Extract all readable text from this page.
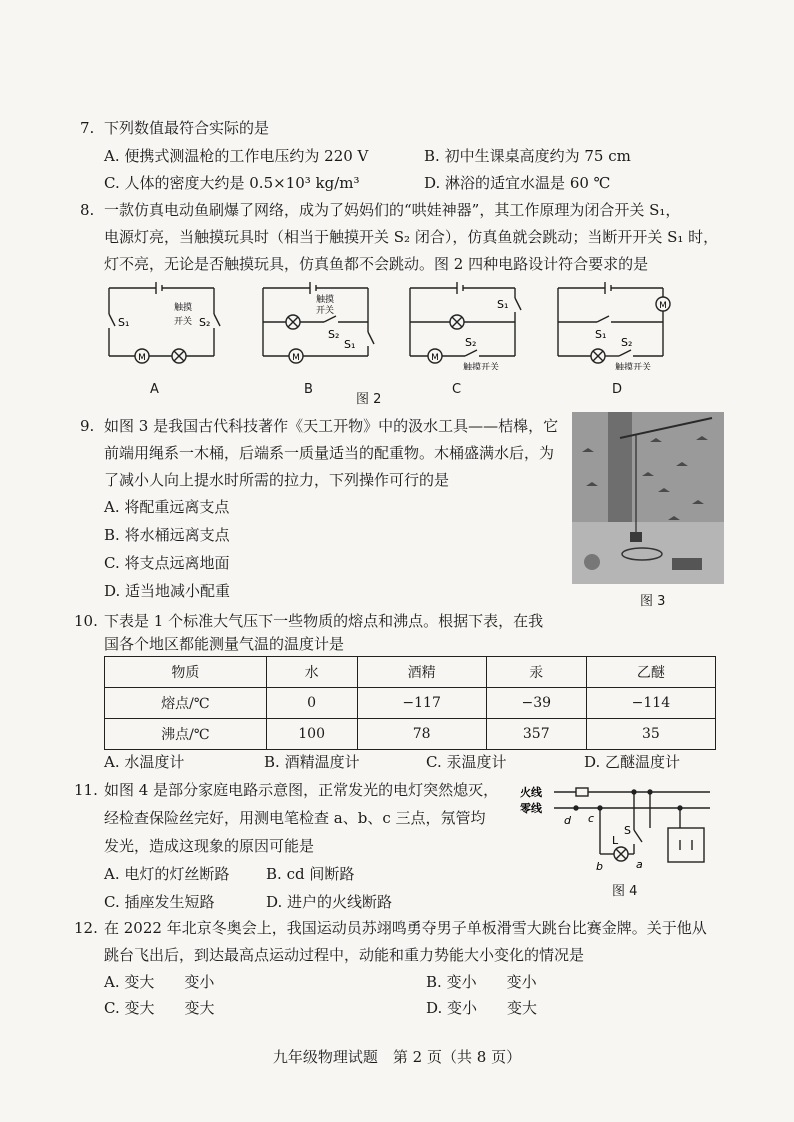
7. 下列数值最符合实际的是
A. 便携式测温枪的工作电压约为 220 V	B. 初中生课桌高度约为 75 cm
C. 人体的密度大约是 0.5×10³ kg/m³	D. 淋浴的适宜水温是 60 ℃
8. 一款仿真电动鱼刷爆了网络，成为了妈妈们的“哄娃神器”，其工作原理为闭合开关 S₁，
电源灯亮，当触摸玩具时（相当于触摸开关 S₂ 闭合），仿真鱼就会跳动；当断开开关 S₁ 时，
灯不亮，无论是否触摸玩具，仿真鱼都不会跳动。图 2 四种电路设计符合要求的是
M
S₁
触摸
开关 S₂
A
M
触摸
开关
S₂
S₁
B
图 2
M
S₁
S₂
触摸开关
C
M
S₁
S₂
触摸开关
D
9. 如图 3 是我国古代科技著作《天工开物》中的汲水工具——桔槔，它
前端用绳系一木桶，后端系一质量适当的配重物。木桶盛满水后，为
了减小人向上提水时所需的拉力，下列操作可行的是
A. 将配重远离支点
B. 将水桶远离支点
C. 将支点远离地面
D. 适当地减小配重
图 3
10. 下表是 1 个标准大气压下一些物质的熔点和沸点。根据下表，在我
国各个地区都能测量气温的温度计是
物质	水	酒精	汞	乙醚
熔点/℃	0	−117	−39	−114
沸点/℃	100	78	357	35
A. 水温度计	B. 酒精温度计	C. 汞温度计	D. 乙醚温度计
11. 如图 4 是部分家庭电路示意图，正常发光的电灯突然熄灭，
经检查保险丝完好，用测电笔检查 a、b、c 三点，氖管均
发光，造成这现象的原因可能是
A. 电灯的灯丝断路 B. cd 间断路
C. 插座发生短路	D. 进户的火线断路
火线
零线
d c
S
L
a
b
图 4
12. 在 2022 年北京冬奥会上，我国运动员苏翊鸣勇夺男子单板滑雪大跳台比赛金牌。关于他从
跳台飞出后，到达最高点运动过程中，动能和重力势能大小变化的情况是
A. 变大　　变小	B. 变小　　变小
C. 变大　　变大	D. 变小　　变大
九年级物理试题　第 2 页（共 8 页）
